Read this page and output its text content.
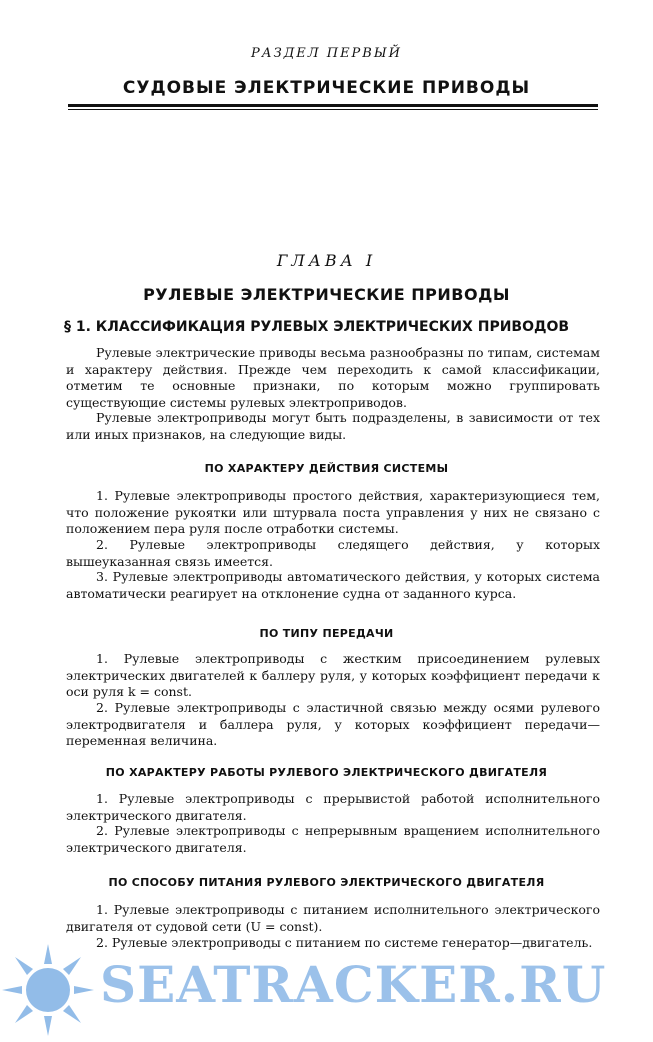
РАЗДЕЛ ПЕРВЫЙ
СУДОВЫЕ ЭЛЕКТРИЧЕСКИЕ ПРИВОДЫ
ГЛАВА I
РУЛЕВЫЕ ЭЛЕКТРИЧЕСКИЕ ПРИВОДЫ
§ 1. КЛАССИФИКАЦИЯ РУЛЕВЫХ ЭЛЕКТРИЧЕСКИХ ПРИВОДОВ

Рулевые электрические приводы весьма разнообразны по типам, системам и характеру действия. Прежде чем переходить к самой классификации, отметим те основные признаки, по которым можно группировать существующие системы рулевых электроприводов.

Рулевые электроприводы могут быть подразделены, в зависимости от тех или иных признаков, на следующие виды.

ПО ХАРАКТЕРУ ДЕЙСТВИЯ СИСТЕМЫ

1. Рулевые электроприводы простого действия, характеризующиеся тем, что положение рукоятки или штурвала поста управления у них не связано с положением пера руля после отработки системы.

2. Рулевые электроприводы следящего действия, у которых вышеуказанная связь имеется.

3. Рулевые электроприводы автоматического действия, у которых система автоматически реагирует на отклонение судна от заданного курса.

ПО ТИПУ ПЕРЕДАЧИ

1. Рулевые электроприводы с жестким присоединением рулевых электрических двигателей к баллеру руля, у которых коэффициент передачи к оси руля k = const.

2. Рулевые электроприводы с эластичной связью между осями рулевого электродвигателя и баллера руля, у которых коэффициент передачи—переменная величина.

ПО ХАРАКТЕРУ РАБОТЫ РУЛЕВОГО ЭЛЕКТРИЧЕСКОГО ДВИГАТЕЛЯ

1. Рулевые электроприводы с прерывистой работой исполнительного электрического двигателя.

2. Рулевые электроприводы с непрерывным вращением исполнительного электрического двигателя.

ПО СПОСОБУ ПИТАНИЯ РУЛЕВОГО ЭЛЕКТРИЧЕСКОГО ДВИГАТЕЛЯ

1. Рулевые электроприводы с питанием исполнительного электрического двигателя от судовой сети (U = const).

2. Рулевые электроприводы с питанием по системе генератор—двигатель.

SEATRACKER.RU
